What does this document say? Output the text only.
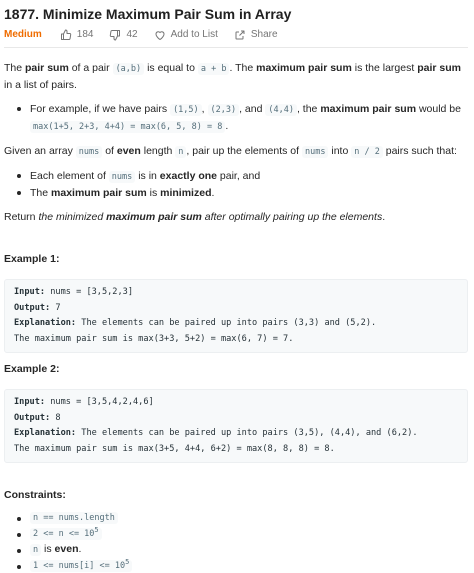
1877. Minimize Maximum Pair Sum in Array
Medium	184	42	Add to List	Share

The pair sum of a pair (a,b) is equal to a + b . The maximum pair sum is the largest pair sum in a list of pairs.

For example, if we have pairs (1,5) , (2,3) , and (4,4) , the maximum pair sum would be max(1+5, 2+3, 4+4) = max(6, 5, 8) = 8 .

Given an array nums of even length n , pair up the elements of nums into n / 2 pairs such that:

Each element of nums is in exactly one pair, and
The maximum pair sum is minimized.

Return the minimized maximum pair sum after optimally pairing up the elements.

Example 1:
Input: nums = [3,5,2,3]
Output: 7
Explanation: The elements can be paired up into pairs (3,3) and (5,2).
The maximum pair sum is max(3+3, 5+2) = max(6, 7) = 7.
Example 2:
Input: nums = [3,5,4,2,4,6]
Output: 8
Explanation: The elements can be paired up into pairs (3,5), (4,4), and (6,2).
The maximum pair sum is max(3+5, 4+4, 6+2) = max(8, 8, 8) = 8.
Constraints:
n == nums.length
$2 <= n <= 10^5$
n is even.
1 <= nums[i] <= $10^5$
